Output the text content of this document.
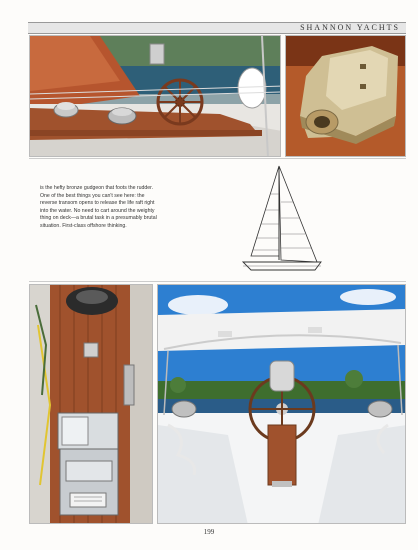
SHANNON YACHTS

is the hefty bronze gudgeon that foots the rudder. One of the best things you can't see here: the reverse transom opens to release the life raft right into the water. No need to cart around the weighty thing on deck—a brutal task in a presumably brutal situation. First-class offshore thinking.

199
